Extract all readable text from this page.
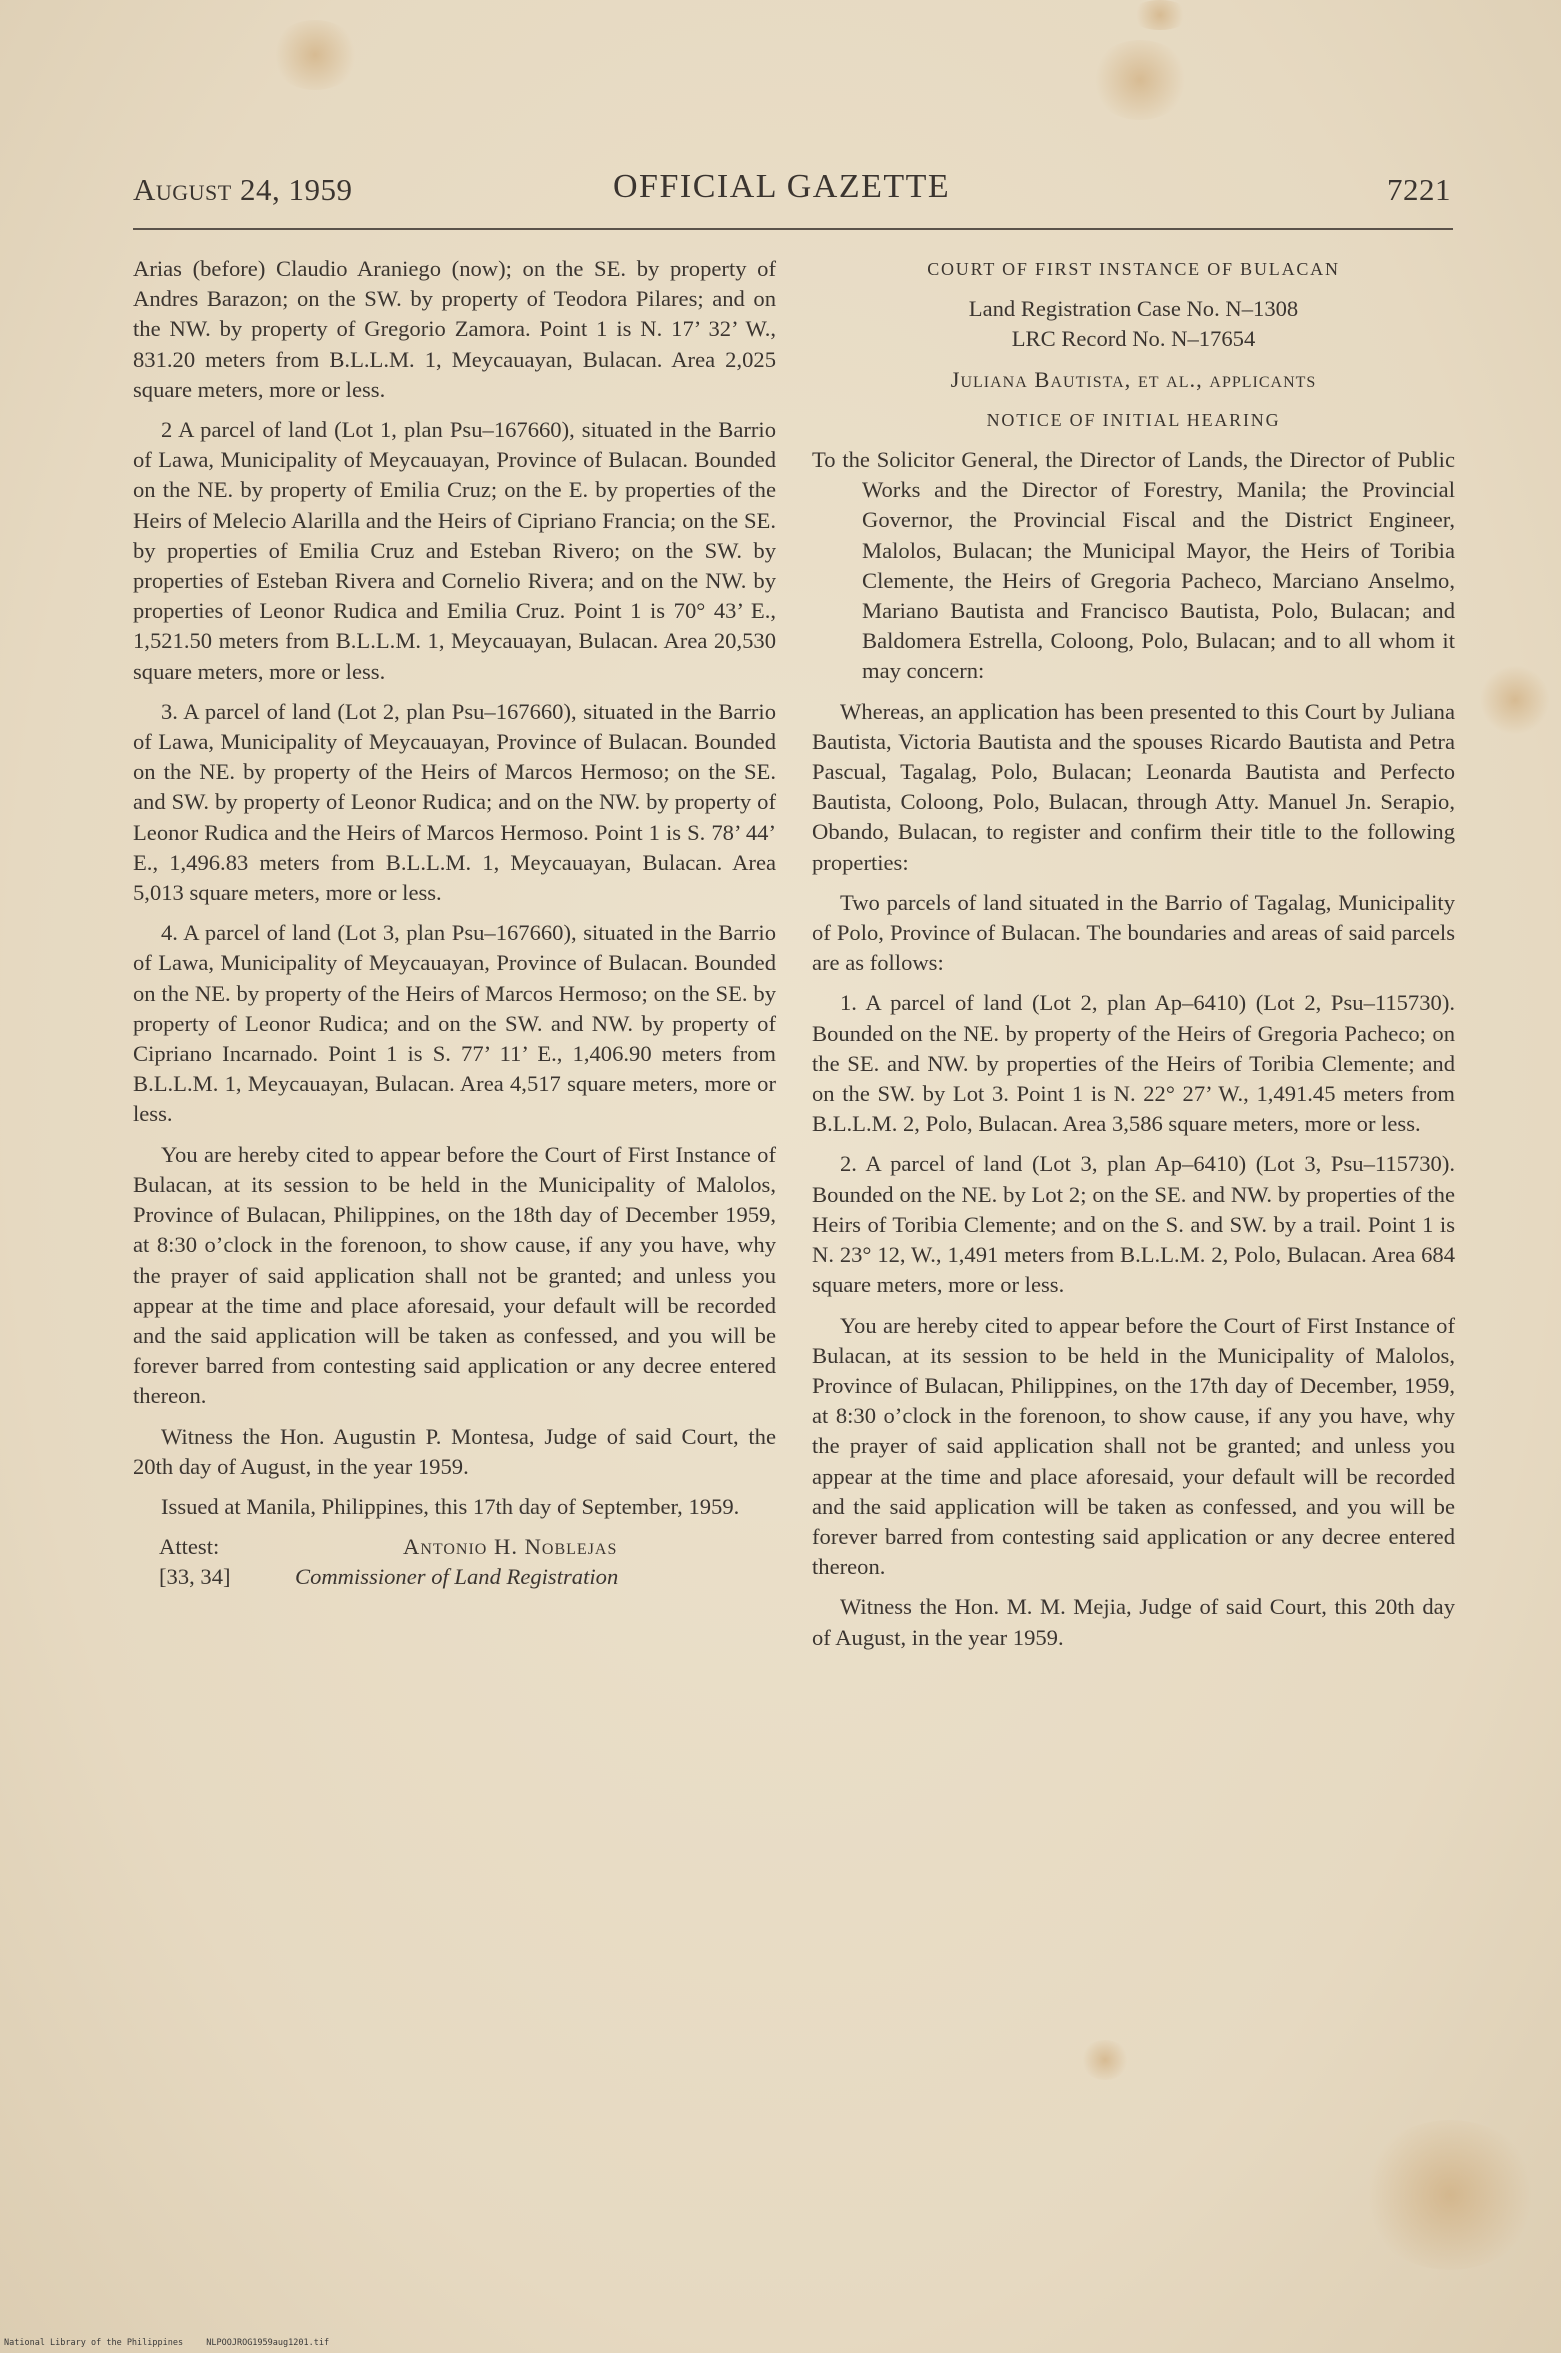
August 24, 1959	OFFICIAL GAZETTE	7221

Arias (before) Claudio Araniego (now); on the SE. by property of Andres Barazon; on the SW. by property of Teodora Pilares; and on the NW. by property of Gregorio Zamora. Point 1 is N. 17’ 32’ W., 831.20 meters from B.L.L.M. 1, Meycauayan, Bulacan. Area 2,025 square meters, more or less.

2 A parcel of land (Lot 1, plan Psu–167660), situated in the Barrio of Lawa, Municipality of Meycauayan, Province of Bulacan. Bounded on the NE. by property of Emilia Cruz; on the E. by properties of the Heirs of Melecio Alarilla and the Heirs of Cipriano Francia; on the SE. by properties of Emilia Cruz and Esteban Rivero; on the SW. by properties of Esteban Rivera and Cornelio Rivera; and on the NW. by properties of Leonor Rudica and Emilia Cruz. Point 1 is 70° 43’ E., 1,521.50 meters from B.L.L.M. 1, Meycauayan, Bulacan. Area 20,530 square meters, more or less.

3. A parcel of land (Lot 2, plan Psu–167660), situated in the Barrio of Lawa, Municipality of Meycauayan, Province of Bulacan. Bounded on the NE. by property of the Heirs of Marcos Hermoso; on the SE. and SW. by property of Leonor Rudica; and on the NW. by property of Leonor Rudica and the Heirs of Marcos Hermoso. Point 1 is S. 78’ 44’ E., 1,496.83 meters from B.L.L.M. 1, Meycauayan, Bulacan. Area 5,013 square meters, more or less.

4. A parcel of land (Lot 3, plan Psu–167660), situated in the Barrio of Lawa, Municipality of Meycauayan, Province of Bulacan. Bounded on the NE. by property of the Heirs of Marcos Hermoso; on the SE. by property of Leonor Rudica; and on the SW. and NW. by property of Cipriano Incarnado. Point 1 is S. 77’ 11’ E., 1,406.90 meters from B.L.L.M. 1, Meycauayan, Bulacan. Area 4,517 square meters, more or less.

You are hereby cited to appear before the Court of First Instance of Bulacan, at its session to be held in the Municipality of Malolos, Province of Bulacan, Philippines, on the 18th day of December 1959, at 8:30 o’clock in the forenoon, to show cause, if any you have, why the prayer of said application shall not be granted; and unless you appear at the time and place aforesaid, your default will be recorded and the said application will be taken as confessed, and you will be forever barred from contesting said application or any decree entered thereon.

Witness the Hon. Augustin P. Montesa, Judge of said Court, the 20th day of August, in the year 1959.

Issued at Manila, Philippines, this 17th day of September, 1959.

Attest:	Antonio H. Noblejas
[33, 34]	Commissioner of Land Registration
COURT OF FIRST INSTANCE OF BULACAN

Land Registration Case No. N–1308

LRC Record No. N–17654

Juliana Bautista, et al., applicants

NOTICE OF INITIAL HEARING

To the Solicitor General, the Director of Lands, the Director of Public Works and the Director of Forestry, Manila; the Provincial Governor, the Provincial Fiscal and the District Engineer, Malolos, Bulacan; the Municipal Mayor, the Heirs of Toribia Clemente, the Heirs of Gregoria Pacheco, Marciano Anselmo, Mariano Bautista and Francisco Bautista, Polo, Bulacan; and Baldomera Estrella, Coloong, Polo, Bulacan; and to all whom it may concern:

Whereas, an application has been presented to this Court by Juliana Bautista, Victoria Bautista and the spouses Ricardo Bautista and Petra Pascual, Tagalag, Polo, Bulacan; Leonarda Bautista and Perfecto Bautista, Coloong, Polo, Bulacan, through Atty. Manuel Jn. Serapio, Obando, Bulacan, to register and confirm their title to the following properties:

Two parcels of land situated in the Barrio of Tagalag, Municipality of Polo, Province of Bulacan. The boundaries and areas of said parcels are as follows:

1. A parcel of land (Lot 2, plan Ap–6410) (Lot 2, Psu–115730). Bounded on the NE. by property of the Heirs of Gregoria Pacheco; on the SE. and NW. by properties of the Heirs of Toribia Clemente; and on the SW. by Lot 3. Point 1 is N. 22° 27’ W., 1,491.45 meters from B.L.L.M. 2, Polo, Bulacan. Area 3,586 square meters, more or less.

2. A parcel of land (Lot 3, plan Ap–6410) (Lot 3, Psu–115730). Bounded on the NE. by Lot 2; on the SE. and NW. by properties of the Heirs of Toribia Clemente; and on the S. and SW. by a trail. Point 1 is N. 23° 12, W., 1,491 meters from B.L.L.M. 2, Polo, Bulacan. Area 684 square meters, more or less.

You are hereby cited to appear before the Court of First Instance of Bulacan, at its session to be held in the Municipality of Malolos, Province of Bulacan, Philippines, on the 17th day of December, 1959, at 8:30 o’clock in the forenoon, to show cause, if any you have, why the prayer of said application shall not be granted; and unless you appear at the time and place aforesaid, your default will be recorded and the said application will be taken as confessed, and you will be forever barred from contesting said application or any decree entered thereon.

Witness the Hon. M. M. Mejia, Judge of said Court, this 20th day of August, in the year 1959.

National Library of the Philippines	NLPOOJROG1959aug1201.tif
